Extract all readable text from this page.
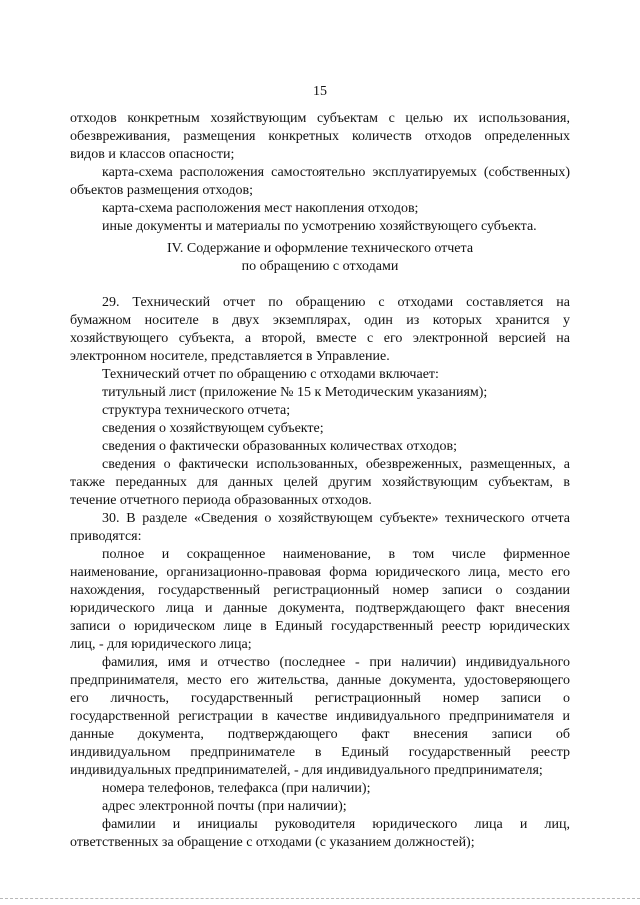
15
отходов конкретным хозяйствующим субъектам с целью их использования,
обезвреживания, размещения конкретных количеств отходов определенных
видов и классов опасности;
карта-схема расположения самостоятельно эксплуатируемых (собственных)
объектов размещения отходов;
карта-схема расположения мест накопления отходов;
иные документы и материалы по усмотрению хозяйствующего субъекта.
IV. Содержание и оформление технического отчета
по обращению с отходами
29. Технический отчет по обращению с отходами составляется на
бумажном носителе в двух экземплярах, один из которых хранится у
хозяйствующего субъекта, а второй, вместе с его электронной версией на
электронном носителе, представляется в Управление.
Технический отчет по обращению с отходами включает:
титульный лист (приложение № 15 к Методическим указаниям);
структура технического отчета;
сведения о хозяйствующем субъекте;
сведения о фактически образованных количествах отходов;
сведения о фактически использованных, обезвреженных, размещенных, а
также переданных для данных целей другим хозяйствующим субъектам, в
течение отчетного периода образованных отходов.
30. В разделе «Сведения о хозяйствующем субъекте» технического отчета
приводятся:
полное и сокращенное наименование, в том числе фирменное
наименование, организационно-правовая форма юридического лица, место его
нахождения, государственный регистрационный номер записи о создании
юридического лица и данные документа, подтверждающего факт внесения
записи о юридическом лице в Единый государственный реестр юридических
лиц, - для юридического лица;
фамилия, имя и отчество (последнее - при наличии) индивидуального
предпринимателя, место его жительства, данные документа, удостоверяющего
его личность, государственный регистрационный номер записи о
государственной регистрации в качестве индивидуального предпринимателя и
данные документа, подтверждающего факт внесения записи об
индивидуальном предпринимателе в Единый государственный реестр
индивидуальных предпринимателей, - для индивидуального предпринимателя;
номера телефонов, телефакса (при наличии);
адрес электронной почты (при наличии);
фамилии и инициалы руководителя юридического лица и лиц,
ответственных за обращение с отходами (с указанием должностей);
